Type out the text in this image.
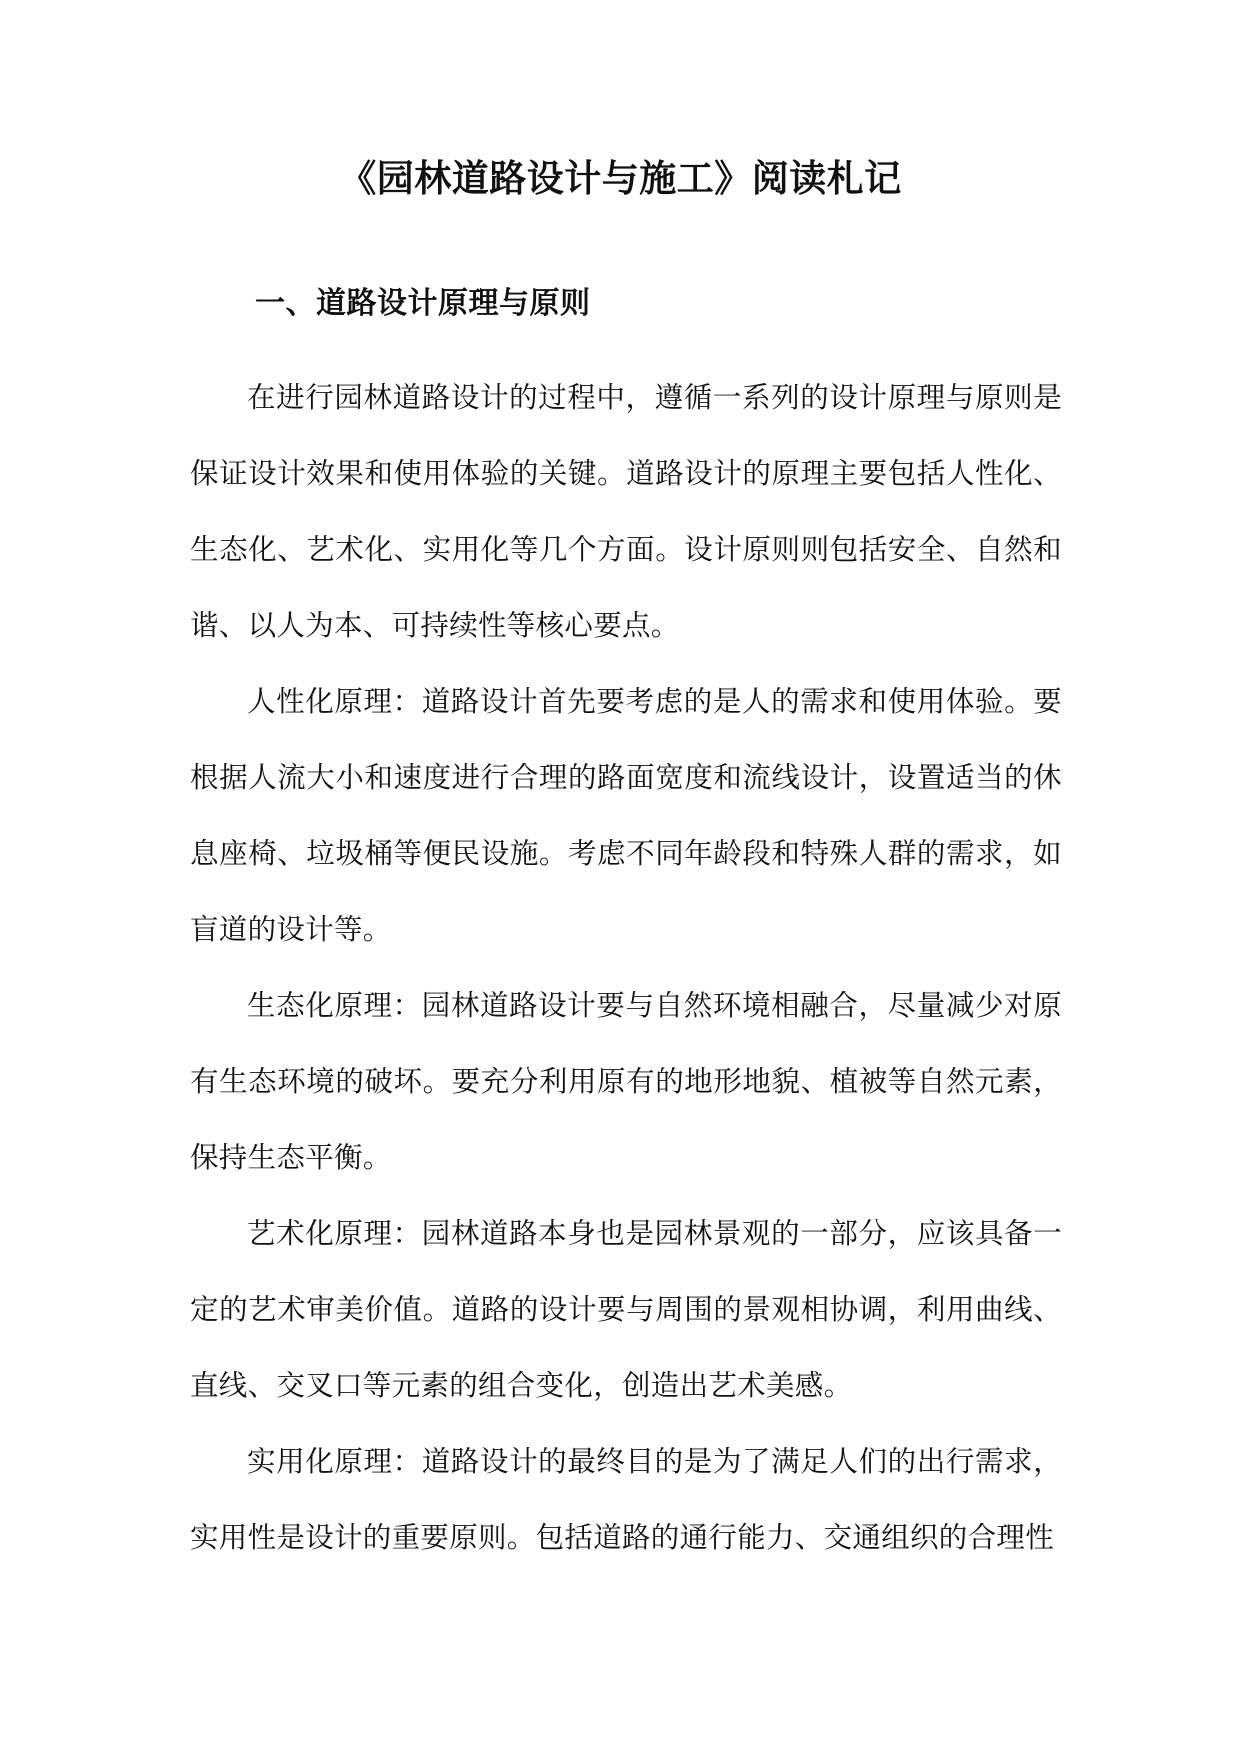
《园林道路设计与施工》阅读札记
一、道路设计原理与原则

在进行园林道路设计的过程中，遵循一系列的设计原理与原则是保证设计效果和使用体验的关键。道路设计的原理主要包括人性化、生态化、艺术化、实用化等几个方面。设计原则则包括安全、自然和谐、以人为本、可持续性等核心要点。

人性化原理：道路设计首先要考虑的是人的需求和使用体验。要根据人流大小和速度进行合理的路面宽度和流线设计，设置适当的休息座椅、垃圾桶等便民设施。考虑不同年龄段和特殊人群的需求，如盲道的设计等。

生态化原理：园林道路设计要与自然环境相融合，尽量减少对原有生态环境的破坏。要充分利用原有的地形地貌、植被等自然元素，保持生态平衡。

艺术化原理：园林道路本身也是园林景观的一部分，应该具备一定的艺术审美价值。道路的设计要与周围的景观相协调，利用曲线、直线、交叉口等元素的组合变化，创造出艺术美感。

实用化原理：道路设计的最终目的是为了满足人们的出行需求，实用性是设计的重要原则。包括道路的通行能力、交通组织的合理性
